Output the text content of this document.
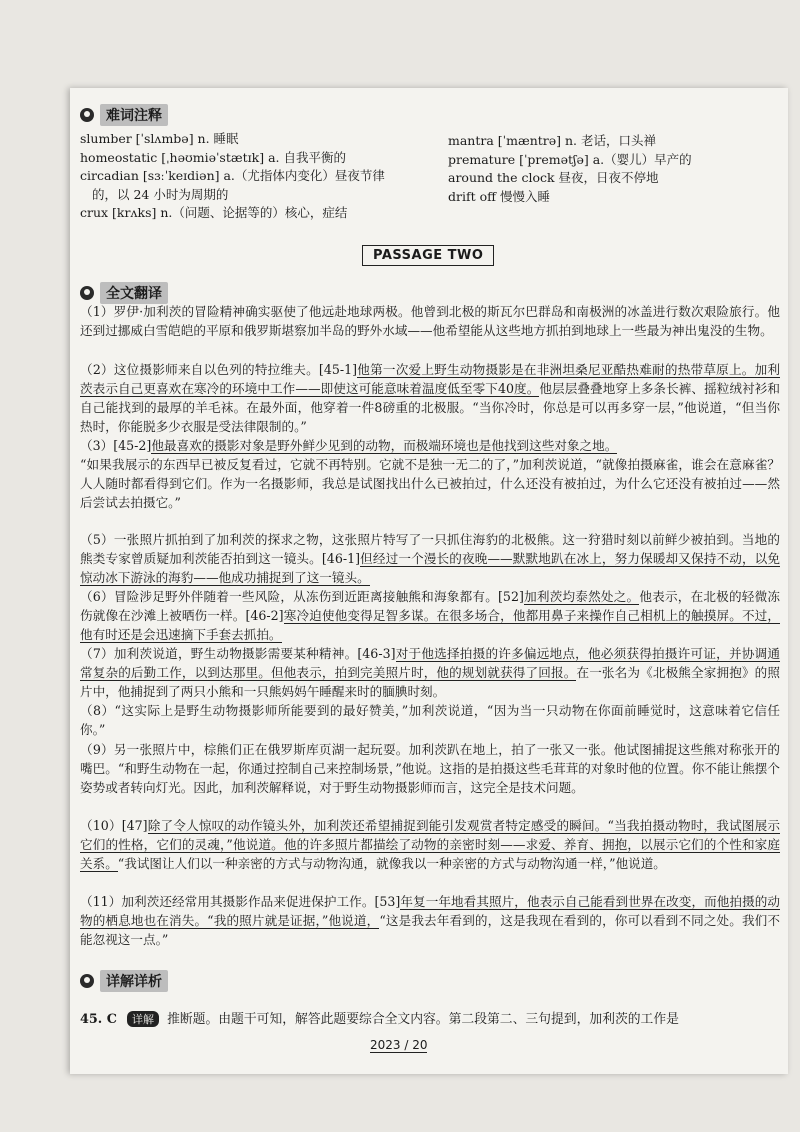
难词注释
slumber [ˈslʌmbə] n. 睡眠
homeostatic [ˌhəʊmiəˈstætɪk] a. 自我平衡的
circadian [sɜːˈkeɪdiən] a.（尤指体内变化）昼夜节律
的，以 24 小时为周期的
crux [krʌks] n.（问题、论据等的）核心，症结
mantra [ˈmæntrə] n. 老话，口头禅
premature [ˈpremətʃə] a.（婴儿）早产的
around the clock 昼夜，日夜不停地
drift off 慢慢入睡
PASSAGE TWO
全文翻译
（1）罗伊·加利茨的冒险精神确实驱使了他远赴地球两极。他曾到北极的斯瓦尔巴群岛和南极洲的冰盖进行数次艰险旅行。他还到过挪威白雪皑皑的平原和俄罗斯堪察加半岛的野外水域——他希望能从这些地方抓拍到地球上一些最为神出鬼没的生物。
（2）这位摄影师来自以色列的特拉维夫。[45-1]他第一次爱上野生动物摄影是在非洲坦桑尼亚酷热难耐的热带草原上。加利茨表示自己更喜欢在寒冷的环境中工作——即使这可能意味着温度低至零下40度。他层层叠叠地穿上多条长裤、摇粒绒衬衫和自己能找到的最厚的羊毛袜。在最外面，他穿着一件8磅重的北极服。“当你冷时，你总是可以再多穿一层，”他说道，“但当你热时，你能脱多少衣服是受法律限制的。”
（3）[45-2]他最喜欢的摄影对象是野外鲜少见到的动物，而极端环境也是他找到这些对象之地。
“如果我展示的东西早已被反复看过，它就不再特别。它就不是独一无二的了，”加利茨说道，“就像拍摄麻雀，谁会在意麻雀？人人随时都看得到它们。作为一名摄影师，我总是试图找出什么已被拍过，什么还没有被拍过，为什么它还没有被拍过——然后尝试去拍摄它。”
（5）一张照片抓拍到了加利茨的探求之物，这张照片特写了一只抓住海豹的北极熊。这一狩猎时刻以前鲜少被拍到。当地的熊类专家曾质疑加利茨能否拍到这一镜头。[46-1]但经过一个漫长的夜晚——默默地趴在冰上，努力保暖却又保持不动，以免惊动冰下游泳的海豹——他成功捕捉到了这一镜头。
（6）冒险涉足野外伴随着一些风险，从冻伤到近距离接触熊和海象都有。[52]加利茨均泰然处之。他表示，在北极的轻微冻伤就像在沙滩上被晒伤一样。[46-2]寒冷迫使他变得足智多谋。在很多场合，他都用鼻子来操作自己相机上的触摸屏。不过，他有时还是会迅速摘下手套去抓拍。
（7）加利茨说道，野生动物摄影需要某种精神。[46-3]对于他选择拍摄的许多偏远地点，他必须获得拍摄许可证，并协调通常复杂的后勤工作，以到达那里。但他表示，拍到完美照片时，他的规划就获得了回报。在一张名为《北极熊全家拥抱》的照片中，他捕捉到了两只小熊和一只熊妈妈午睡醒来时的腼腆时刻。
（8）“这实际上是野生动物摄影师所能要到的最好赞美，”加利茨说道，“因为当一只动物在你面前睡觉时，这意味着它信任你。”
（9）另一张照片中，棕熊们正在俄罗斯库页湖一起玩耍。加利茨趴在地上，拍了一张又一张。他试图捕捉这些熊对称张开的嘴巴。“和野生动物在一起，你通过控制自己来控制场景，”他说。这指的是拍摄这些毛茸茸的对象时他的位置。你不能让熊摆个姿势或者转向灯光。因此，加利茨解释说，对于野生动物摄影师而言，这完全是技术问题。
（10）[47]除了令人惊叹的动作镜头外，加利茨还希望捕捉到能引发观赏者特定感受的瞬间。“当我拍摄动物时，我试图展示它们的性格，它们的灵魂，”他说道。他的许多照片都描绘了动物的亲密时刻——求爱、养育、拥抱，以展示它们的个性和家庭关系。“我试图让人们以一种亲密的方式与动物沟通，就像我以一种亲密的方式与动物沟通一样，”他说道。
（11）加利茨还经常用其摄影作品来促进保护工作。[53]年复一年地看其照片，他表示自己能看到世界在改变，而他拍摄的动物的栖息地也在消失。“我的照片就是证据，”他说道，“这是我去年看到的，这是我现在看到的，你可以看到不同之处。我们不能忽视这一点。”
详解详析
45. C 详解 推断题。由题干可知，解答此题要综合全文内容。第二段第二、三句提到，加利茨的工作是
2023 / 20
